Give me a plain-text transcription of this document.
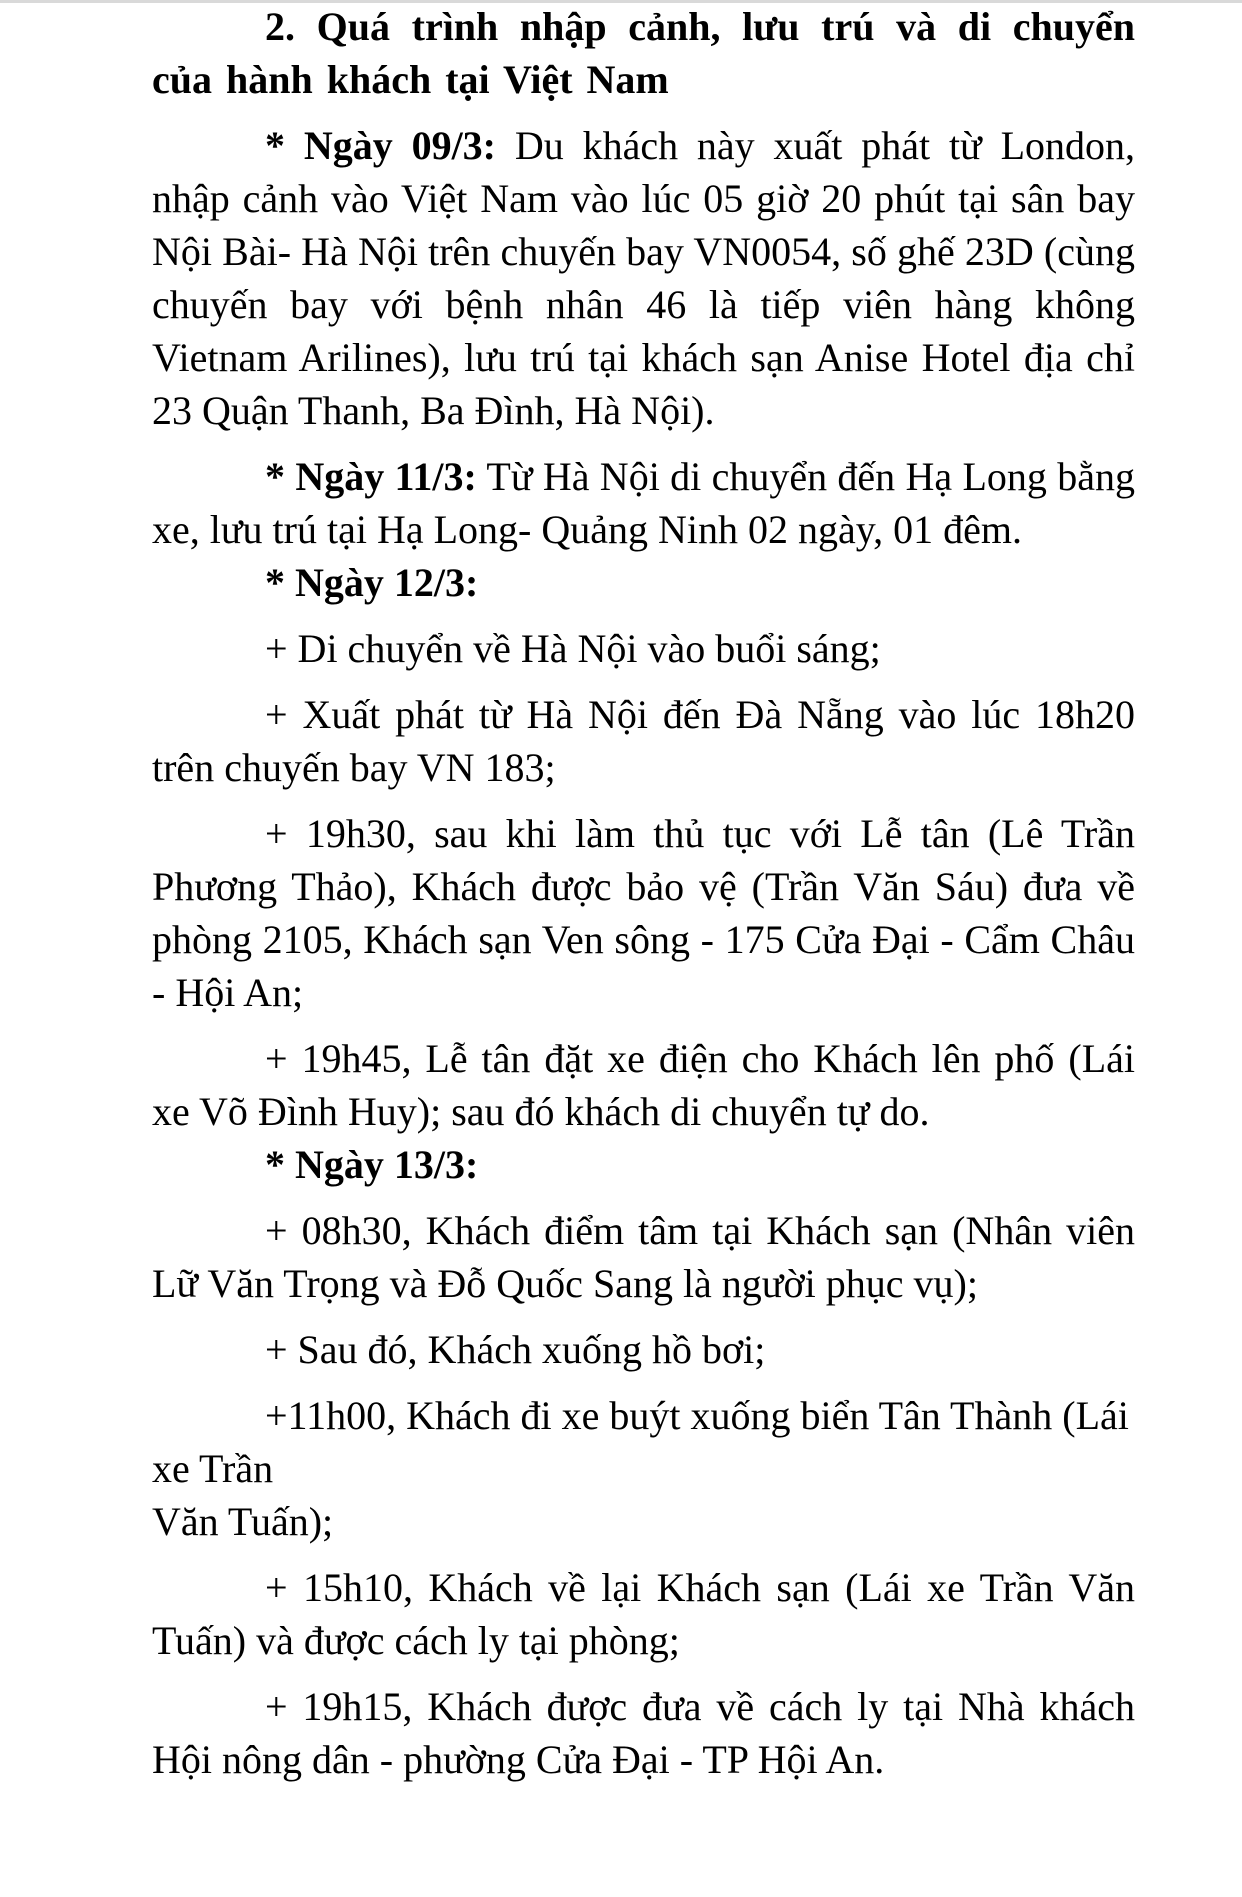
2. Quá trình nhập cảnh, lưu trú và di chuyển của hành khách tại Việt Nam

* Ngày 09/3: Du khách này xuất phát từ London, nhập cảnh vào Việt Nam vào lúc 05 giờ 20 phút tại sân bay Nội Bài- Hà Nội trên chuyến bay VN0054, số ghế 23D (cùng chuyến bay với bệnh nhân 46 là tiếp viên hàng không Vietnam Arilines), lưu trú tại khách sạn Anise Hotel địa chỉ 23 Quận Thanh, Ba Đình, Hà Nội).

* Ngày 11/3: Từ Hà Nội di chuyển đến Hạ Long bằng xe, lưu trú tại Hạ Long- Quảng Ninh 02 ngày, 01 đêm.

* Ngày 12/3:

+ Di chuyển về Hà Nội vào buổi sáng;

+ Xuất phát từ Hà Nội đến Đà Nẵng vào lúc 18h20 trên chuyến bay VN 183;

+ 19h30, sau khi làm thủ tục với Lễ tân (Lê Trần Phương Thảo), Khách được bảo vệ (Trần Văn Sáu) đưa về phòng 2105, Khách sạn Ven sông - 175 Cửa Đại - Cẩm Châu - Hội An;

+ 19h45, Lễ tân đặt xe điện cho Khách lên phố (Lái xe Võ Đình Huy); sau đó khách di chuyển tự do.

* Ngày 13/3:

+ 08h30, Khách điểm tâm tại Khách sạn (Nhân viên Lữ Văn Trọng và Đỗ Quốc Sang là người phục vụ);

+ Sau đó, Khách xuống hồ bơi;

+11h00, Khách đi xe buýt xuống biển Tân Thành (Lái xe Trần
Văn Tuấn);

+ 15h10, Khách về lại Khách sạn (Lái xe Trần Văn Tuấn) và được cách ly tại phòng;

+ 19h15, Khách được đưa về cách ly tại Nhà khách Hội nông dân - phường Cửa Đại - TP Hội An.
